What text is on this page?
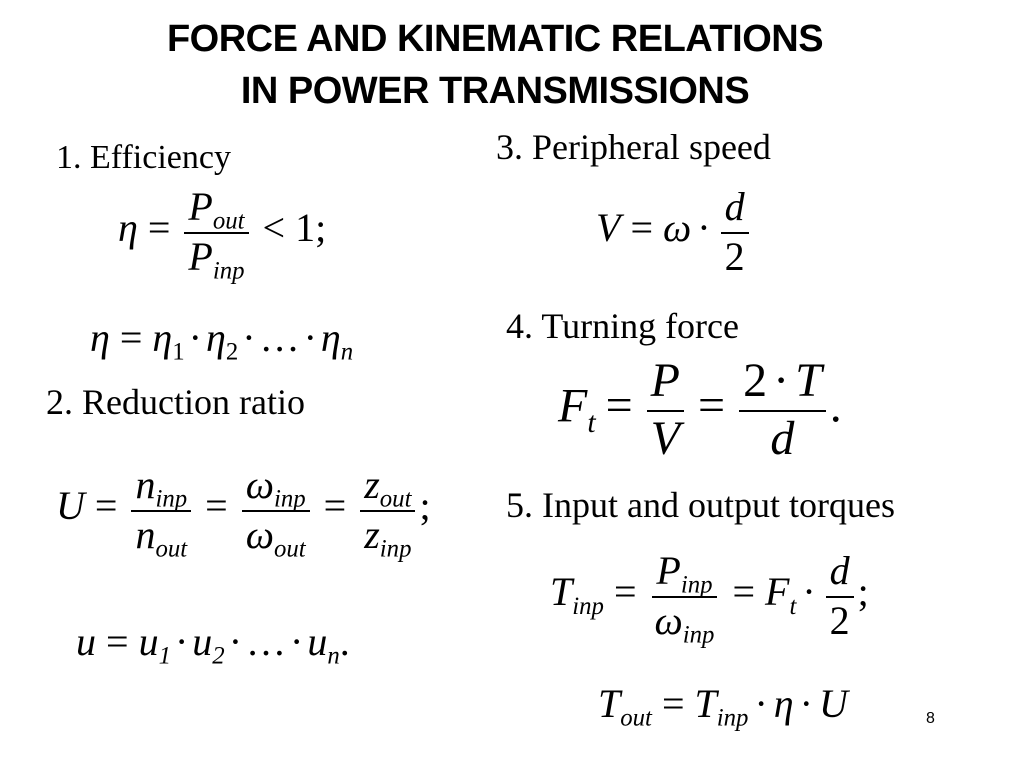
FORCE AND KINEMATIC RELATIONS
IN POWER TRANSMISSIONS
1. Efficiency
2. Reduction ratio
3. Peripheral speed
4. Turning force
5. Input and output torques
$\eta = \frac{P_{out}}{P_{inp}} < 1$;
$\eta = \eta_1 \cdot \eta_2$ · … · $\eta_n$
$U = \frac{n_{inp}}{n_{out}} = \frac{\omega_{inp}}{\omega_{out}} = \frac{z_{out}}{z_{inp}}$ ;
$u = u_1 \cdot u_2$ · … · $u_n$.
$V = \omega \cdot \frac{d}{2}$
$F_t = \frac{P}{V} = \frac{2 \cdot T}{d}$ .
$T_{inp} = \frac{P_{inp}}{\omega_{inp}} = F_t \cdot \frac{d}{2}$ ;
$T_{out} = T_{inp} \cdot \eta \cdot U$	8
